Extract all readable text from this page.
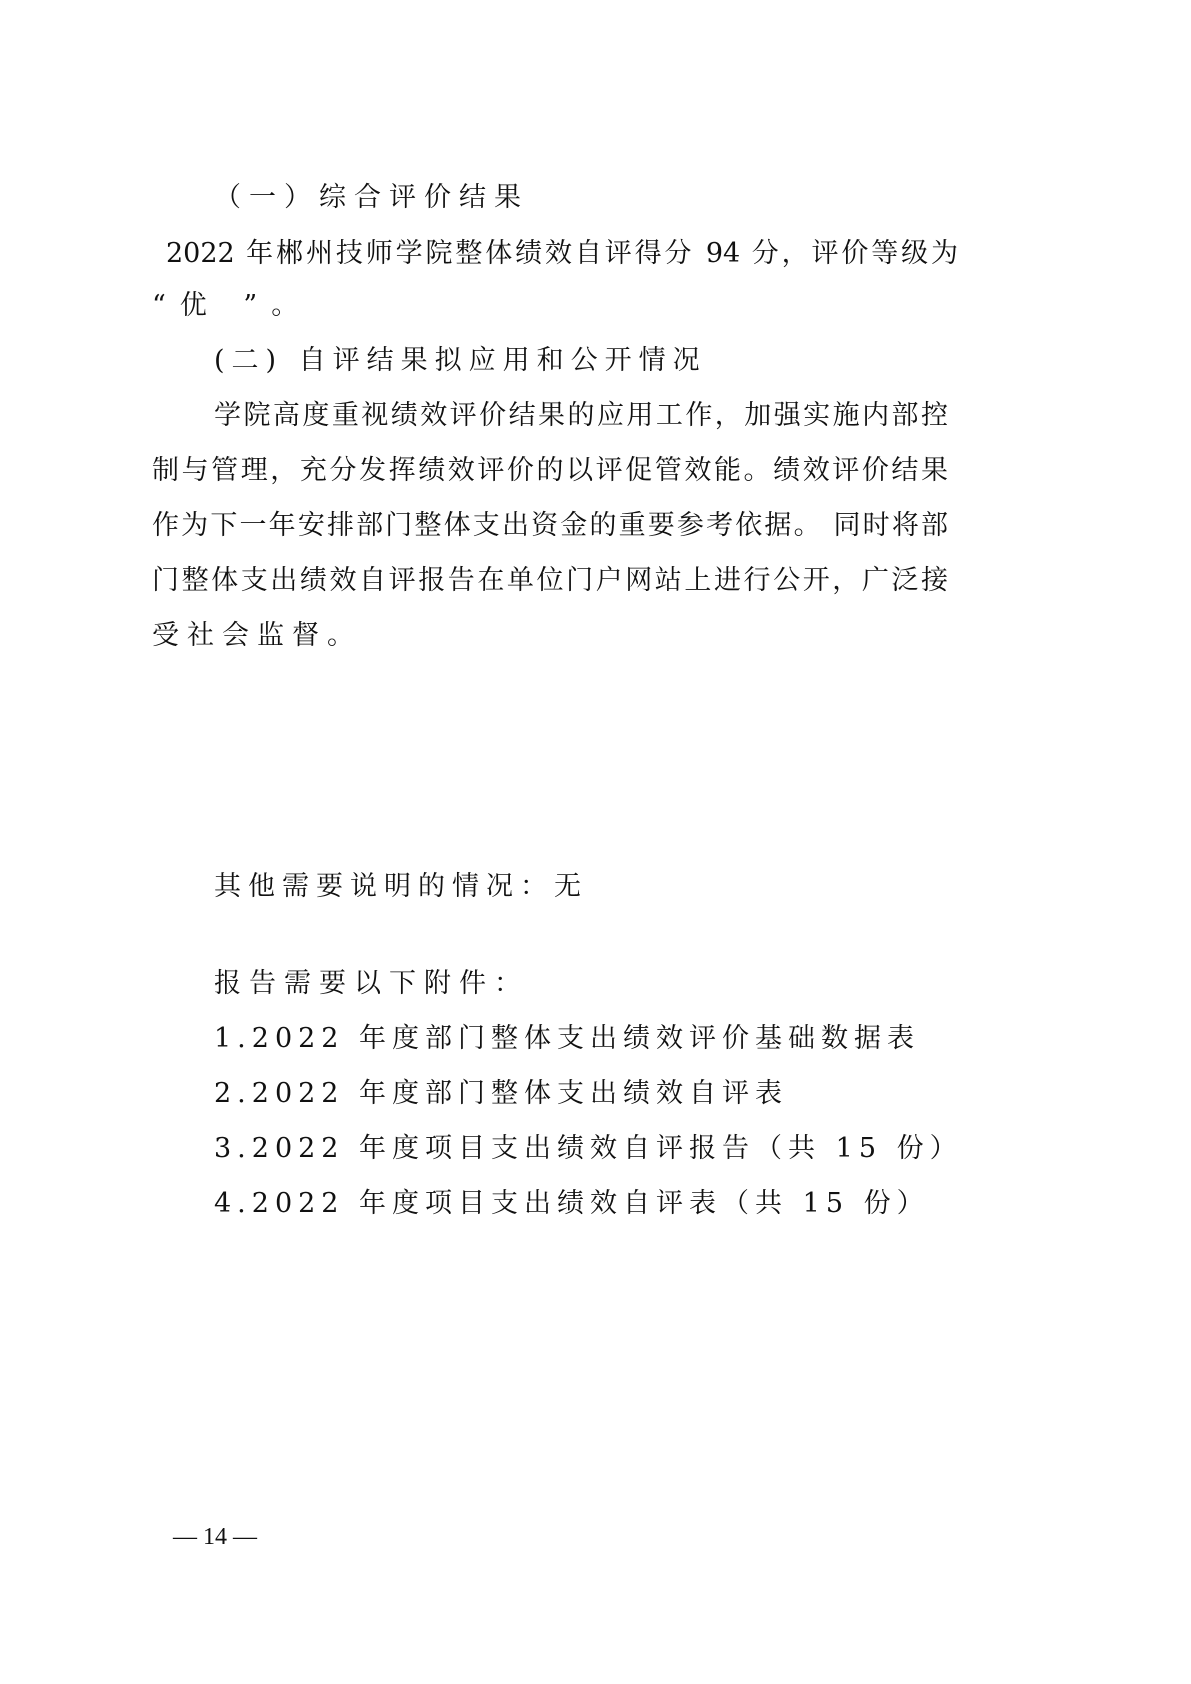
（一）综合评价结果
2022 年郴州技师学院整体绩效自评得分 94 分，评价等级为
“优 ”。
(二) 自评结果拟应用和公开情况
学院高度重视绩效评价结果的应用工作，加强实施内部控
制与管理，充分发挥绩效评价的以评促管效能。绩效评价结果
作为下一年安排部门整体支出资金的重要参考依据。 同时将部
门整体支出绩效自评报告在单位门户网站上进行公开，广泛接
受社会监督。
其他需要说明的情况：无
报告需要以下附件：
1.2022 年度部门整体支出绩效评价基础数据表
2.2022 年度部门整体支出绩效自评表
3.2022 年度项目支出绩效自评报告（共 15 份）
4.2022 年度项目支出绩效自评表（共 15 份）
— 14 —
